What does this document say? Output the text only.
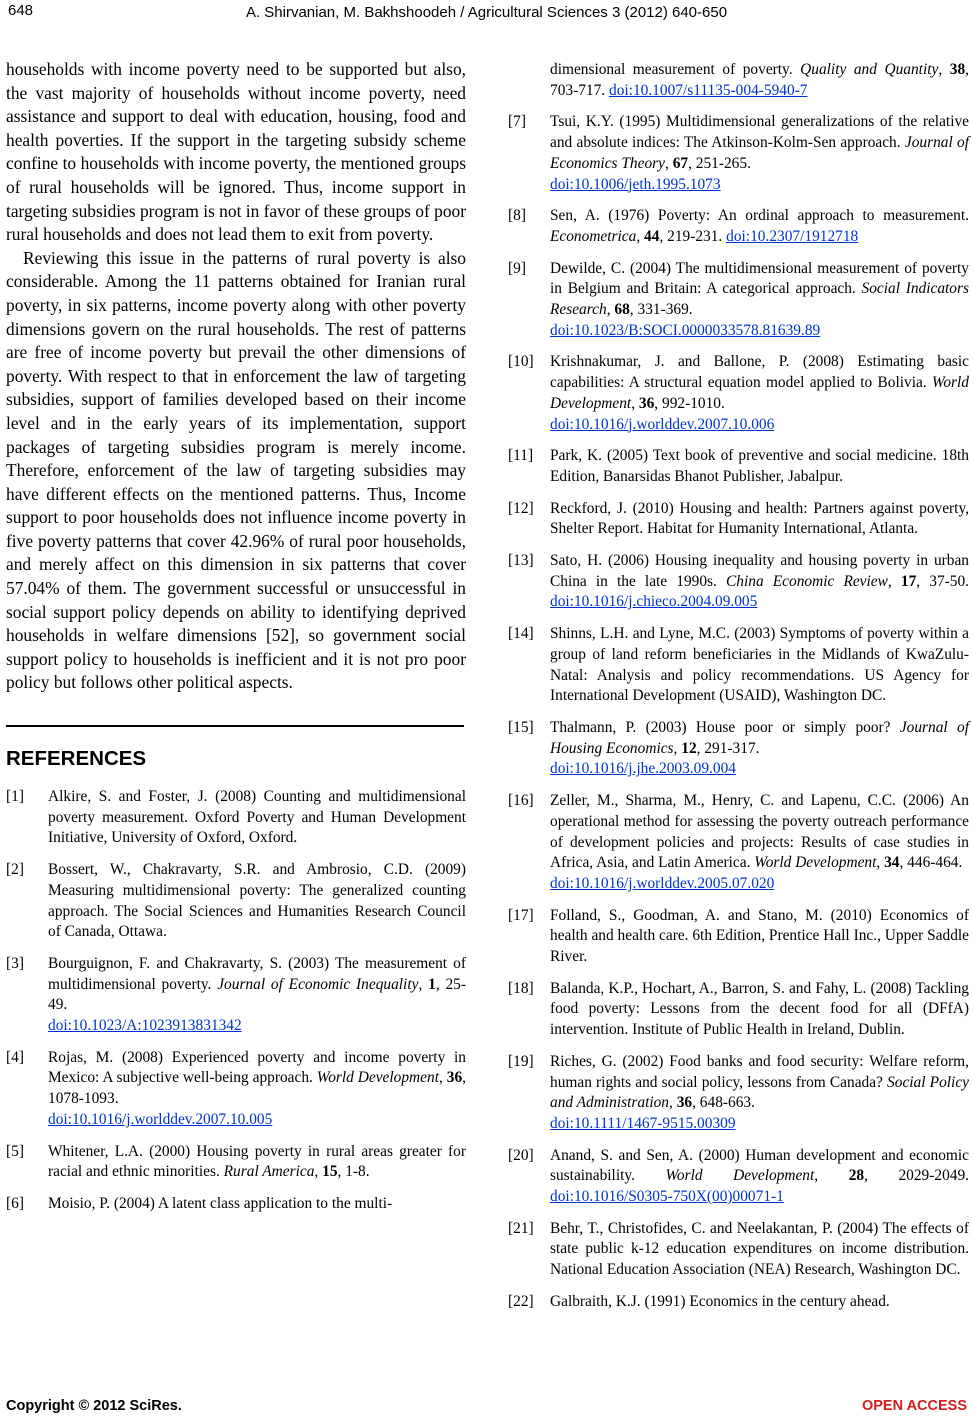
648	A. Shirvanian, M. Bakhshoodeh / Agricultural Sciences 3 (2012) 640-650

households with income poverty need to be supported but also, the vast majority of households without income poverty, need assistance and support to deal with education, housing, food and health poverties. If the support in the targeting subsidy scheme confine to households with income poverty, the mentioned groups of rural households will be ignored. Thus, income support in targeting subsidies program is not in favor of these groups of poor rural households and does not lead them to exit from poverty.

Reviewing this issue in the patterns of rural poverty is also considerable. Among the 11 patterns obtained for Iranian rural poverty, in six patterns, income poverty along with other poverty dimensions govern on the rural households. The rest of patterns are free of income poverty but prevail the other dimensions of poverty. With respect to that in enforcement the law of targeting subsidies, support of families developed based on their income level and in the early years of its implementation, support packages of targeting subsidies program is merely income. Therefore, enforcement of the law of targeting subsidies may have different effects on the mentioned patterns. Thus, Income support to poor households does not influence income poverty in five poverty patterns that cover 42.96% of rural poor households, and merely affect on this dimension in six patterns that cover 57.04% of them. The government successful or unsuccessful in social support policy depends on ability to identifying deprived households in welfare dimensions [52], so government social support policy to households is inefficient and it is not pro poor policy but follows other political aspects.

REFERENCES
[1] Alkire, S. and Foster, J. (2008) Counting and multidimensional poverty measurement. Oxford Poverty and Human Development Initiative, University of Oxford, Oxford.
[2] Bossert, W., Chakravarty, S.R. and Ambrosio, C.D. (2009) Measuring multidimensional poverty: The generalized counting approach. The Social Sciences and Humanities Research Council of Canada, Ottawa.
[3] Bourguignon, F. and Chakravarty, S. (2003) The measurement of multidimensional poverty. Journal of Economic Inequality, 1, 25-49.
doi:10.1023/A:1023913831342
[4] Rojas, M. (2008) Experienced poverty and income poverty in Mexico: A subjective well-being approach. World Development, 36, 1078-1093.
doi:10.1016/j.worlddev.2007.10.005
[5] Whitener, L.A. (2000) Housing poverty in rural areas greater for racial and ethnic minorities. Rural America, 15, 1-8.
[6] Moisio, P. (2004) A latent class application to the multi-
dimensional measurement of poverty. Quality and Quantity, 38, 703-717. doi:10.1007/s11135-004-5940-7
[7] Tsui, K.Y. (1995) Multidimensional generalizations of the relative and absolute indices: The Atkinson-Kolm-Sen approach. Journal of Economics Theory, 67, 251-265.
doi:10.1006/jeth.1995.1073
[8] Sen, A. (1976) Poverty: An ordinal approach to measurement. Econometrica, 44, 219-231. doi:10.2307/1912718
[9] Dewilde, C. (2004) The multidimensional measurement of poverty in Belgium and Britain: A categorical approach. Social Indicators Research, 68, 331-369.
doi:10.1023/B:SOCI.0000033578.81639.89
[10] Krishnakumar, J. and Ballone, P. (2008) Estimating basic capabilities: A structural equation model applied to Bolivia. World Development, 36, 992-1010.
doi:10.1016/j.worlddev.2007.10.006
[11] Park, K. (2005) Text book of preventive and social medicine. 18th Edition, Banarsidas Bhanot Publisher, Jabalpur.
[12] Reckford, J. (2010) Housing and health: Partners against poverty, Shelter Report. Habitat for Humanity International, Atlanta.
[13] Sato, H. (2006) Housing inequality and housing poverty in urban China in the late 1990s. China Economic Review, 17, 37-50. doi:10.1016/j.chieco.2004.09.005
[14] Shinns, L.H. and Lyne, M.C. (2003) Symptoms of poverty within a group of land reform beneficiaries in the Midlands of KwaZulu-Natal: Analysis and policy recommendations. US Agency for International Development (USAID), Washington DC.
[15] Thalmann, P. (2003) House poor or simply poor? Journal of Housing Economics, 12, 291-317.
doi:10.1016/j.jhe.2003.09.004
[16] Zeller, M., Sharma, M., Henry, C. and Lapenu, C.C. (2006) An operational method for assessing the poverty outreach performance of development policies and projects: Results of case studies in Africa, Asia, and Latin America. World Development, 34, 446-464.
doi:10.1016/j.worlddev.2005.07.020
[17] Folland, S., Goodman, A. and Stano, M. (2010) Economics of health and health care. 6th Edition, Prentice Hall Inc., Upper Saddle River.
[18] Balanda, K.P., Hochart, A., Barron, S. and Fahy, L. (2008) Tackling food poverty: Lessons from the decent food for all (DFfA) intervention. Institute of Public Health in Ireland, Dublin.
[19] Riches, G. (2002) Food banks and food security: Welfare reform, human rights and social policy, lessons from Canada? Social Policy and Administration, 36, 648-663.
doi:10.1111/1467-9515.00309
[20] Anand, S. and Sen, A. (2000) Human development and economic sustainability. World Development, 28, 2029-2049. doi:10.1016/S0305-750X(00)00071-1
[21] Behr, T., Christofides, C. and Neelakantan, P. (2004) The effects of state public k-12 education expenditures on income distribution. National Education Association (NEA) Research, Washington DC.
[22] Galbraith, K.J. (1991) Economics in the century ahead.
Copyright © 2012 SciRes.	OPEN ACCESS
